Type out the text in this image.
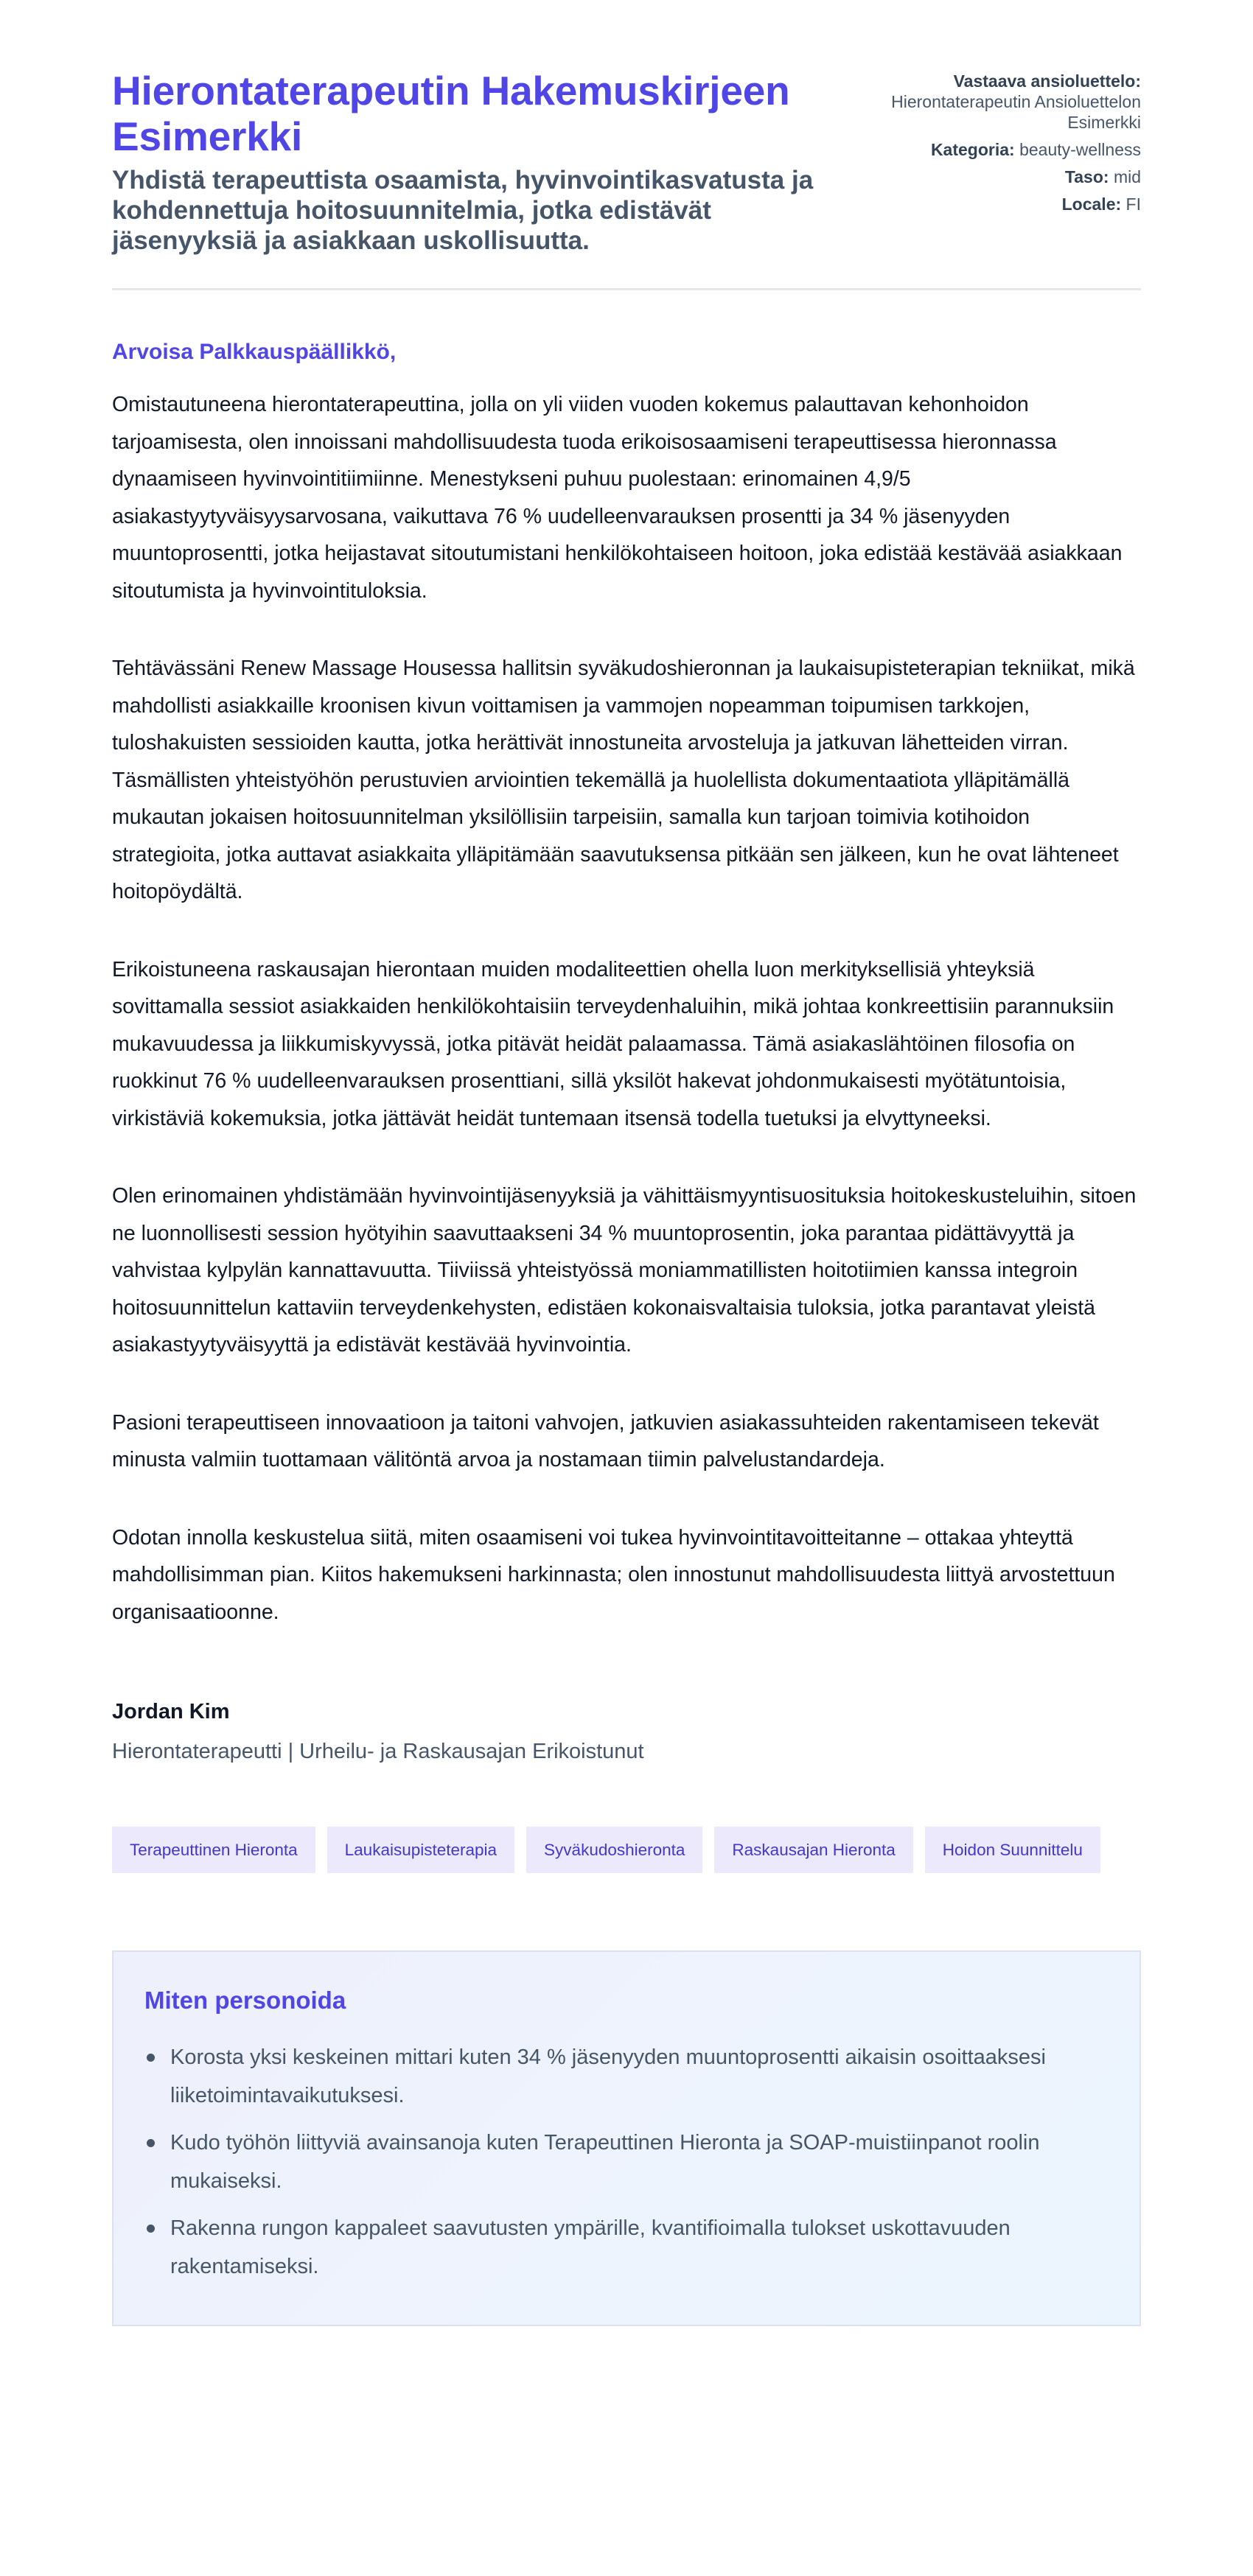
Hierontaterapeutin Hakemuskirjeen Esimerkki

Yhdistä terapeuttista osaamista, hyvinvointikasvatusta ja kohdennettuja hoitosuunnitelmia, jotka edistävät jäsenyyksiä ja asiakkaan uskollisuutta.

Vastaava ansioluettelo:
Hierontaterapeutin Ansioluettelon Esimerkki
Kategoria: beauty-wellness
Taso: mid
Locale: FI

Arvoisa Palkkauspäällikkö,

Omistautuneena hierontaterapeuttina, jolla on yli viiden vuoden kokemus palauttavan kehonhoidon tarjoamisesta, olen innoissani mahdollisuudesta tuoda erikoisosaamiseni terapeuttisessa hieronnassa dynaamiseen hyvinvointitiimiinne. Menestykseni puhuu puolestaan: erinomainen 4,9/5 asiakastyytyväisyysarvosana, vaikuttava 76 % uudelleenvarauksen prosentti ja 34 % jäsenyyden muuntoprosentti, jotka heijastavat sitoutumistani henkilökohtaiseen hoitoon, joka edistää kestävää asiakkaan sitoutumista ja hyvinvointituloksia.

Tehtävässäni Renew Massage Housessa hallitsin syväkudoshieronnan ja laukaisupisteterapian tekniikat, mikä mahdollisti asiakkaille kroonisen kivun voittamisen ja vammojen nopeamman toipumisen tarkkojen, tuloshakuisten sessioiden kautta, jotka herättivät innostuneita arvosteluja ja jatkuvan lähetteiden virran. Täsmällisten yhteistyöhön perustuvien arviointien tekemällä ja huolellista dokumentaatiota ylläpitämällä mukautan jokaisen hoitosuunnitelman yksilöllisiin tarpeisiin, samalla kun tarjoan toimivia kotihoidon strategioita, jotka auttavat asiakkaita ylläpitämään saavutuksensa pitkään sen jälkeen, kun he ovat lähteneet hoitopöydältä.

Erikoistuneena raskausajan hierontaan muiden modaliteettien ohella luon merkityksellisiä yhteyksiä sovittamalla sessiot asiakkaiden henkilökohtaisiin terveydenhaluihin, mikä johtaa konkreettisiin parannuksiin mukavuudessa ja liikkumiskyvyssä, jotka pitävät heidät palaamassa. Tämä asiakaslähtöinen filosofia on ruokkinut 76 % uudelleenvarauksen prosenttiani, sillä yksilöt hakevat johdonmukaisesti myötätuntoisia, virkistäviä kokemuksia, jotka jättävät heidät tuntemaan itsensä todella tuetuksi ja elvyttyneeksi.

Olen erinomainen yhdistämään hyvinvointijäsenyyksiä ja vähittäismyyntisuosituksia hoitokeskusteluihin, sitoen ne luonnollisesti session hyötyihin saavuttaakseni 34 % muuntoprosentin, joka parantaa pidättävyyttä ja vahvistaa kylpylän kannattavuutta. Tiiviissä yhteistyössä moniammatillisten hoitotiimien kanssa integroin hoitosuunnittelun kattaviin terveydenkehysten, edistäen kokonaisvaltaisia tuloksia, jotka parantavat yleistä asiakastyytyväisyyttä ja edistävät kestävää hyvinvointia.

Pasioni terapeuttiseen innovaatioon ja taitoni vahvojen, jatkuvien asiakassuhteiden rakentamiseen tekevät minusta valmiin tuottamaan välitöntä arvoa ja nostamaan tiimin palvelustandardeja.

Odotan innolla keskustelua siitä, miten osaamiseni voi tukea hyvinvointitavoitteitanne – ottakaa yhteyttä mahdollisimman pian. Kiitos hakemukseni harkinnasta; olen innostunut mahdollisuudesta liittyä arvostettuun organisaatioonne.

Jordan Kim

Hierontaterapeutti | Urheilu- ja Raskausajan Erikoistunut

Terapeuttinen Hieronta	Laukaisupisteterapia	Syväkudoshieronta	Raskausajan Hieronta	Hoidon Suunnittelu
Miten personoida
Korosta yksi keskeinen mittari kuten 34 % jäsenyyden muuntoprosentti aikaisin osoittaaksesi liiketoimintavaikutuksesi.
Kudo työhön liittyviä avainsanoja kuten Terapeuttinen Hieronta ja SOAP-muistiinpanot roolin mukaiseksi.
Rakenna rungon kappaleet saavutusten ympärille, kvantifioimalla tulokset uskottavuuden rakentamiseksi.
